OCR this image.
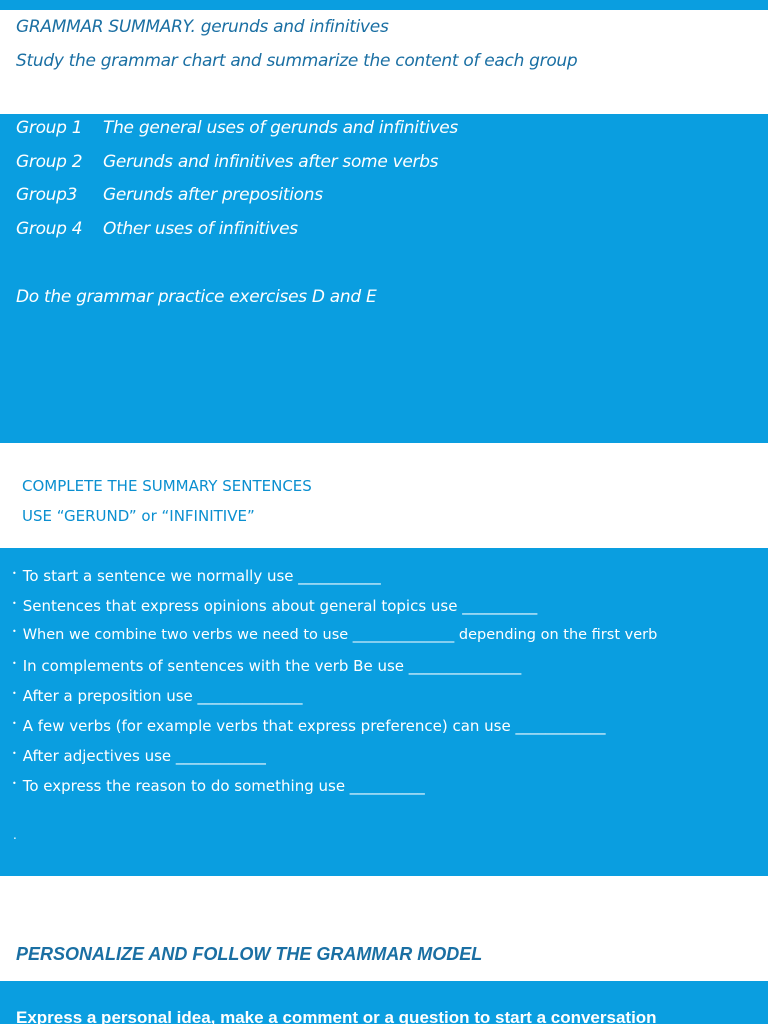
GRAMMAR SUMMARY. gerunds and infinitives
Study the grammar chart and summarize the content of each group
Group 1 The general uses of gerunds and infinitives
Group 2 Gerunds and infinitives after some verbs
Group3 Gerunds after prepositions
Group 4 Other uses of infinitives
Do the grammar practice exercises D and E
COMPLETE THE SUMMARY SENTENCES
USE “GERUND” or “INFINITIVE”
• To start a sentence we normally use ___________
• Sentences that express opinions about general topics use __________
• When we combine two verbs we need to use ______________ depending on the first verb
• In complements of sentences with the verb Be use _______________
• After a preposition use ______________
• A few verbs (for example verbs that express preference) can use ____________
• After adjectives use ____________
• To express the reason to do something use __________
.
PERSONALIZE AND FOLLOW THE GRAMMAR MODEL
Express a personal idea, make a comment or a question to start a conversation
